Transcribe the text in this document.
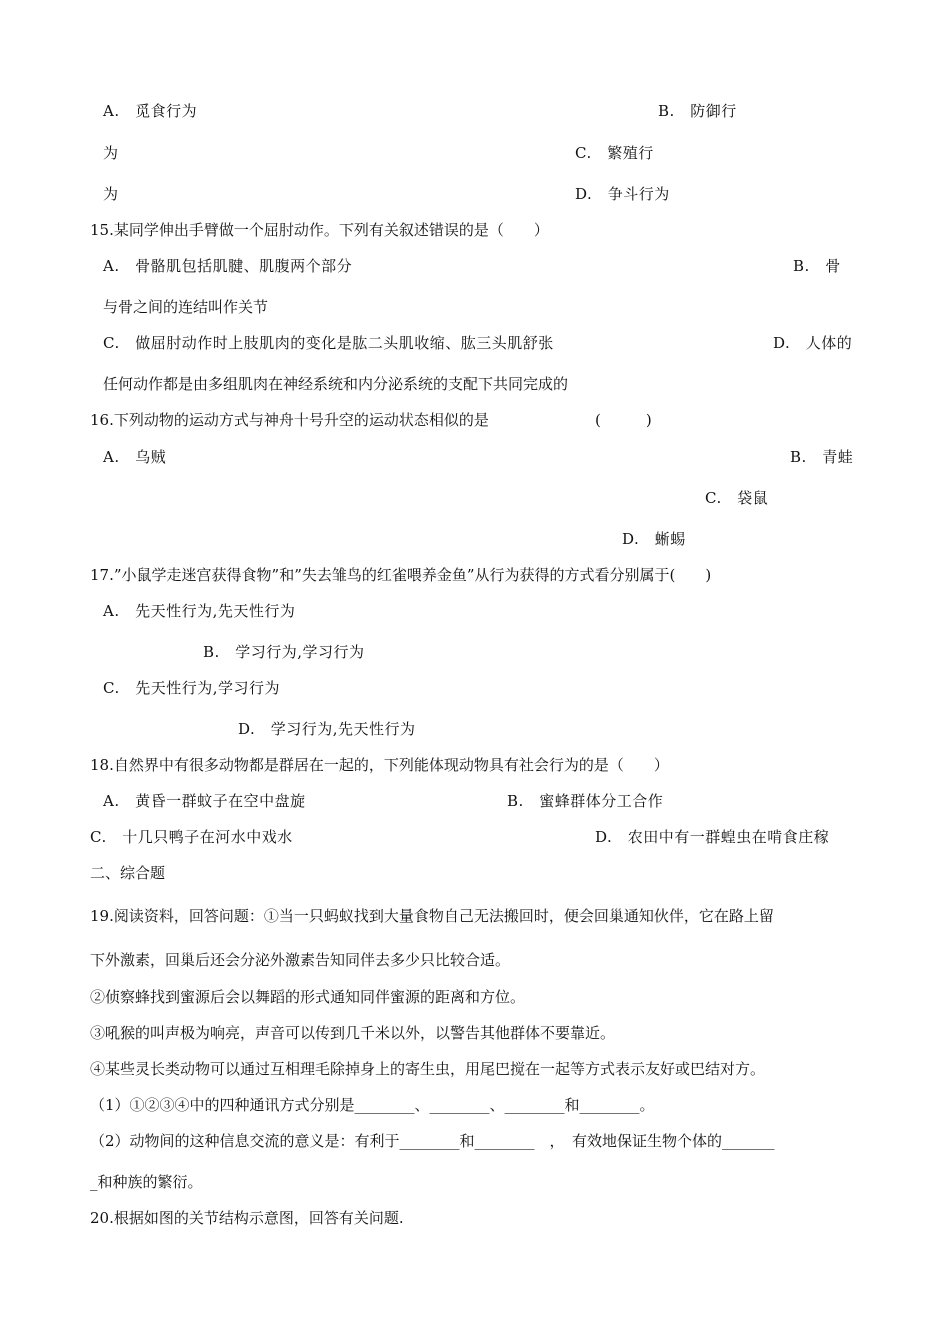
A.　觅食行为	B.　防御行
为	C.　繁殖行
为	D.　争斗行为
15.某同学伸出手臂做一个屈肘动作。下列有关叙述错误的是（　　）
A.　骨骼肌包括肌腱、肌腹两个部分	B.　骨
与骨之间的连结叫作关节
C.　做屈肘动作时上肢肌肉的变化是肱二头肌收缩、肱三头肌舒张	D.　人体的
任何动作都是由多组肌肉在神经系统和内分泌系统的支配下共同完成的
16.下列动物的运动方式与神舟十号升空的运动状态相似的是	(　　　)
A.　乌贼	B.　青蛙
C.　袋鼠
D.　蜥蜴
17.”小鼠学走迷宫获得食物”和”失去雏鸟的红雀喂养金鱼”从行为获得的方式看分别属于(　　)
A.　先天性行为,先天性行为
B.　学习行为,学习行为
C.　先天性行为,学习行为
D.　学习行为,先天性行为
18.自然界中有很多动物都是群居在一起的，下列能体现动物具有社会行为的是（　　）
A.　黄昏一群蚊子在空中盘旋	B.　蜜蜂群体分工合作
C.　十几只鸭子在河水中戏水	D.　农田中有一群蝗虫在啃食庄稼
二、综合题
19.阅读资料，回答问题：①当一只蚂蚁找到大量食物自己无法搬回时，便会回巢通知伙伴，它在路上留
下外激素，回巢后还会分泌外激素告知同伴去多少只比较合适。
②侦察蜂找到蜜源后会以舞蹈的形式通知同伴蜜源的距离和方位。
③吼猴的叫声极为响亮，声音可以传到几千米以外，以警告其他群体不要靠近。
④某些灵长类动物可以通过互相理毛除掉身上的寄生虫，用尾巴搅在一起等方式表示友好或巴结对方。
（1）①②③④中的四种通讯方式分别是________、________、________和________。
（2）动物间的这种信息交流的意义是：有利于________和________　，　有效地保证生物个体的_______
_和种族的繁衍。
20.根据如图的关节结构示意图，回答有关问题.
